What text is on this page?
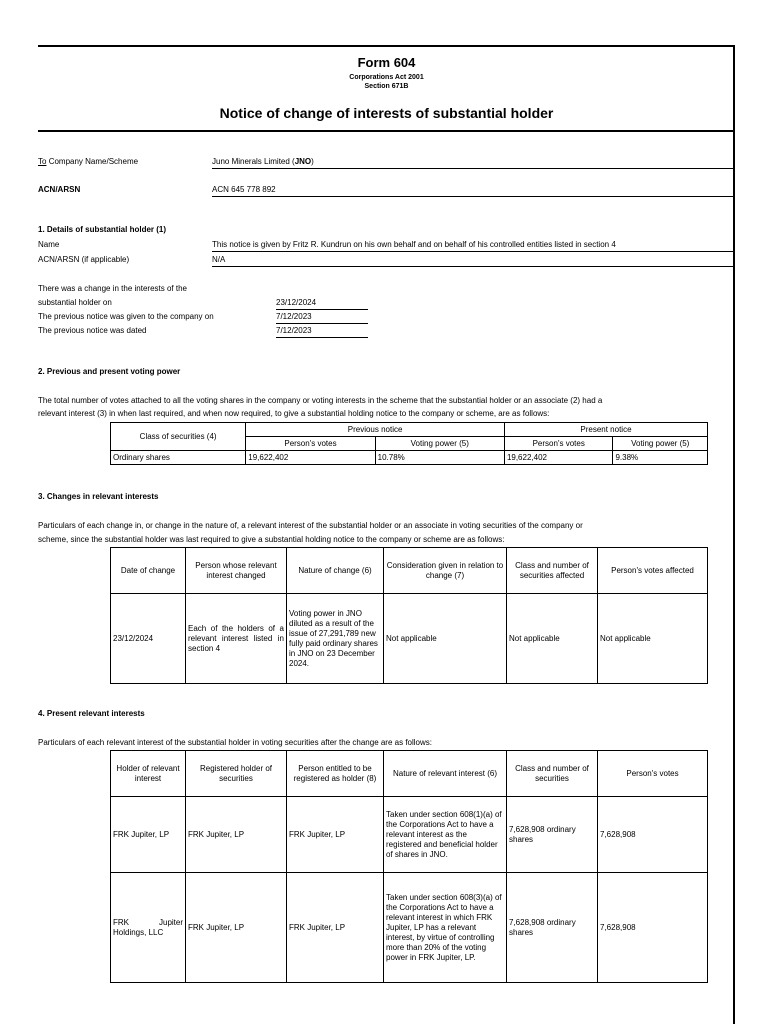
Form 604
Corporations Act 2001
Section 671B
Notice of change of interests of substantial holder
To Company Name/Scheme	Juno Minerals Limited (JNO)
ACN/ARSN	ACN 645 778 892
1. Details of substantial holder (1)
Name	This notice is given by Fritz R. Kundrun on his own behalf and on behalf of his controlled entities listed in section 4
ACN/ARSN (if applicable)	N/A
There was a change in the interests of the
substantial holder on	23/12/2024
The previous notice was given to the company on	7/12/2023
The previous notice was dated	7/12/2023
2. Previous and present voting power
The total number of votes attached to all the voting shares in the company or voting interests in the scheme that the substantial holder or an associate (2) had a
relevant interest (3) in when last required, and when now required, to give a substantial holding notice to the company or scheme, are as follows:
Class of securities (4)	Previous notice		Present notice	
	Person's votes	Voting power (5)	Person's votes	Voting power (5)
Ordinary shares	19,622,402	10.78%	19,622,402	9.38%
3. Changes in relevant interests
Particulars of each change in, or change in the nature of, a relevant interest of the substantial holder or an associate in voting securities of the company or
scheme, since the substantial holder was last required to give a substantial holding notice to the company or scheme are as follows:
Date of change	Person whose relevant interest changed	Nature of change (6)	Consideration given in relation to change (7)	Class and number of securities affected	Person's votes affected
23/12/2024	Each of the holders of a relevant interest listed in section 4	Voting power in JNO diluted as a result of the issue of 27,291,789 new fully paid ordinary shares in JNO on 23 December 2024.	Not applicable	Not applicable	Not applicable
4. Present relevant interests
Particulars of each relevant interest of the substantial holder in voting securities after the change are as follows:
Holder of relevant interest	Registered holder of securities	Person entitled to be registered as holder (8)	Nature of relevant interest (6)	Class and number of securities	Person's votes
FRK Jupiter, LP	FRK Jupiter, LP	FRK Jupiter, LP	Taken under section 608(1)(a) of the Corporations Act to have a relevant interest as the registered and beneficial holder of shares in JNO.	7,628,908 ordinary shares	7,628,908
FRK Jupiter Holdings, LLC	FRK Jupiter, LP	FRK Jupiter, LP	Taken under section 608(3)(a) of the Corporations Act to have a relevant interest in which FRK Jupiter, LP has a relevant interest, by virtue of controlling more than 20% of the voting power in FRK Jupiter, LP.	7,628,908 ordinary shares	7,628,908
